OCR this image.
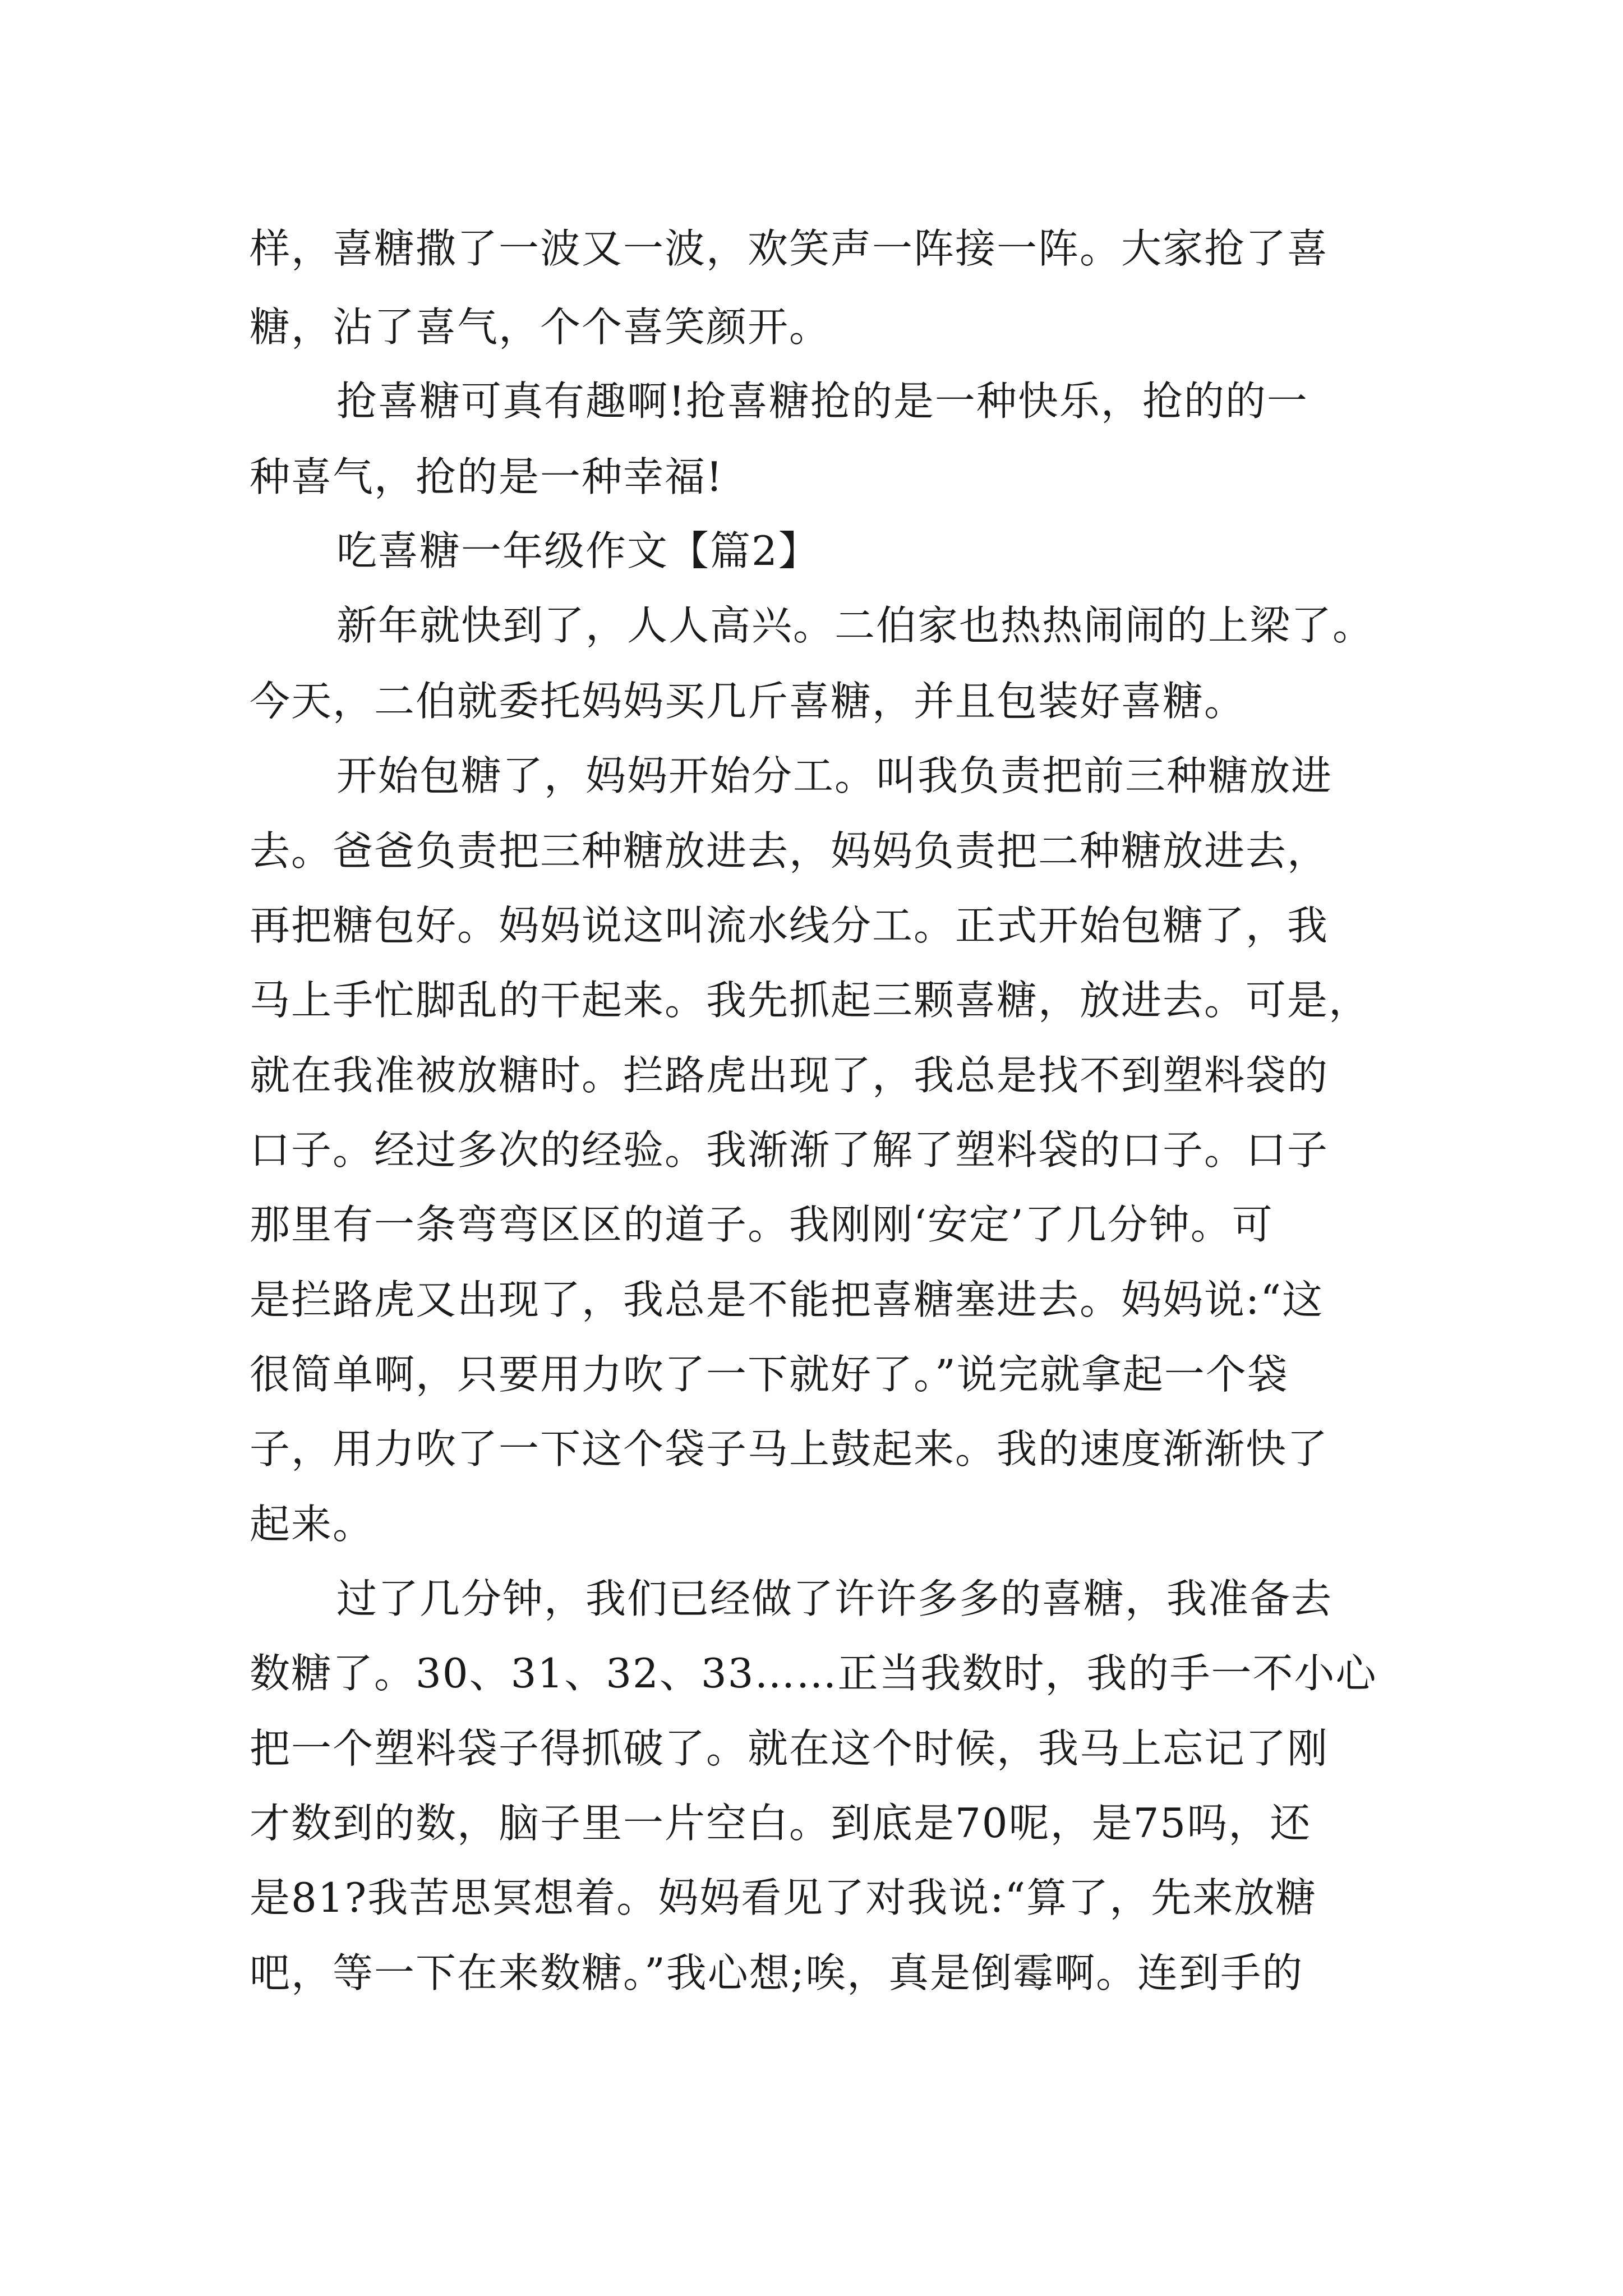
样，喜糖撒了一波又一波，欢笑声一阵接一阵。大家抢了喜
糖，沾了喜气，个个喜笑颜开。
抢喜糖可真有趣啊!抢喜糖抢的是一种快乐，抢的的一
种喜气，抢的是一种幸福!
吃喜糖一年级作文【篇2】
新年就快到了，人人高兴。二伯家也热热闹闹的上梁了。
今天，二伯就委托妈妈买几斤喜糖，并且包装好喜糖。
开始包糖了，妈妈开始分工。叫我负责把前三种糖放进
去。爸爸负责把三种糖放进去，妈妈负责把二种糖放进去，
再把糖包好。妈妈说这叫流水线分工。正式开始包糖了，我
马上手忙脚乱的干起来。我先抓起三颗喜糖，放进去。可是，
就在我准被放糖时。拦路虎出现了，我总是找不到塑料袋的
口子。经过多次的经验。我渐渐了解了塑料袋的口子。口子
那里有一条弯弯区区的道子。我刚刚‘安定’了几分钟。可
是拦路虎又出现了，我总是不能把喜糖塞进去。妈妈说:“这
很简单啊，只要用力吹了一下就好了。”说完就拿起一个袋
子，用力吹了一下这个袋子马上鼓起来。我的速度渐渐快了
起来。
过了几分钟，我们已经做了许许多多的喜糖，我准备去
数糖了。30、31、32、33……正当我数时，我的手一不小心
把一个塑料袋子得抓破了。就在这个时候，我马上忘记了刚
才数到的数，脑子里一片空白。到底是70呢，是75吗，还
是81?我苦思冥想着。妈妈看见了对我说:“算了，先来放糖
吧，等一下在来数糖。”我心想;唉，真是倒霉啊。连到手的
